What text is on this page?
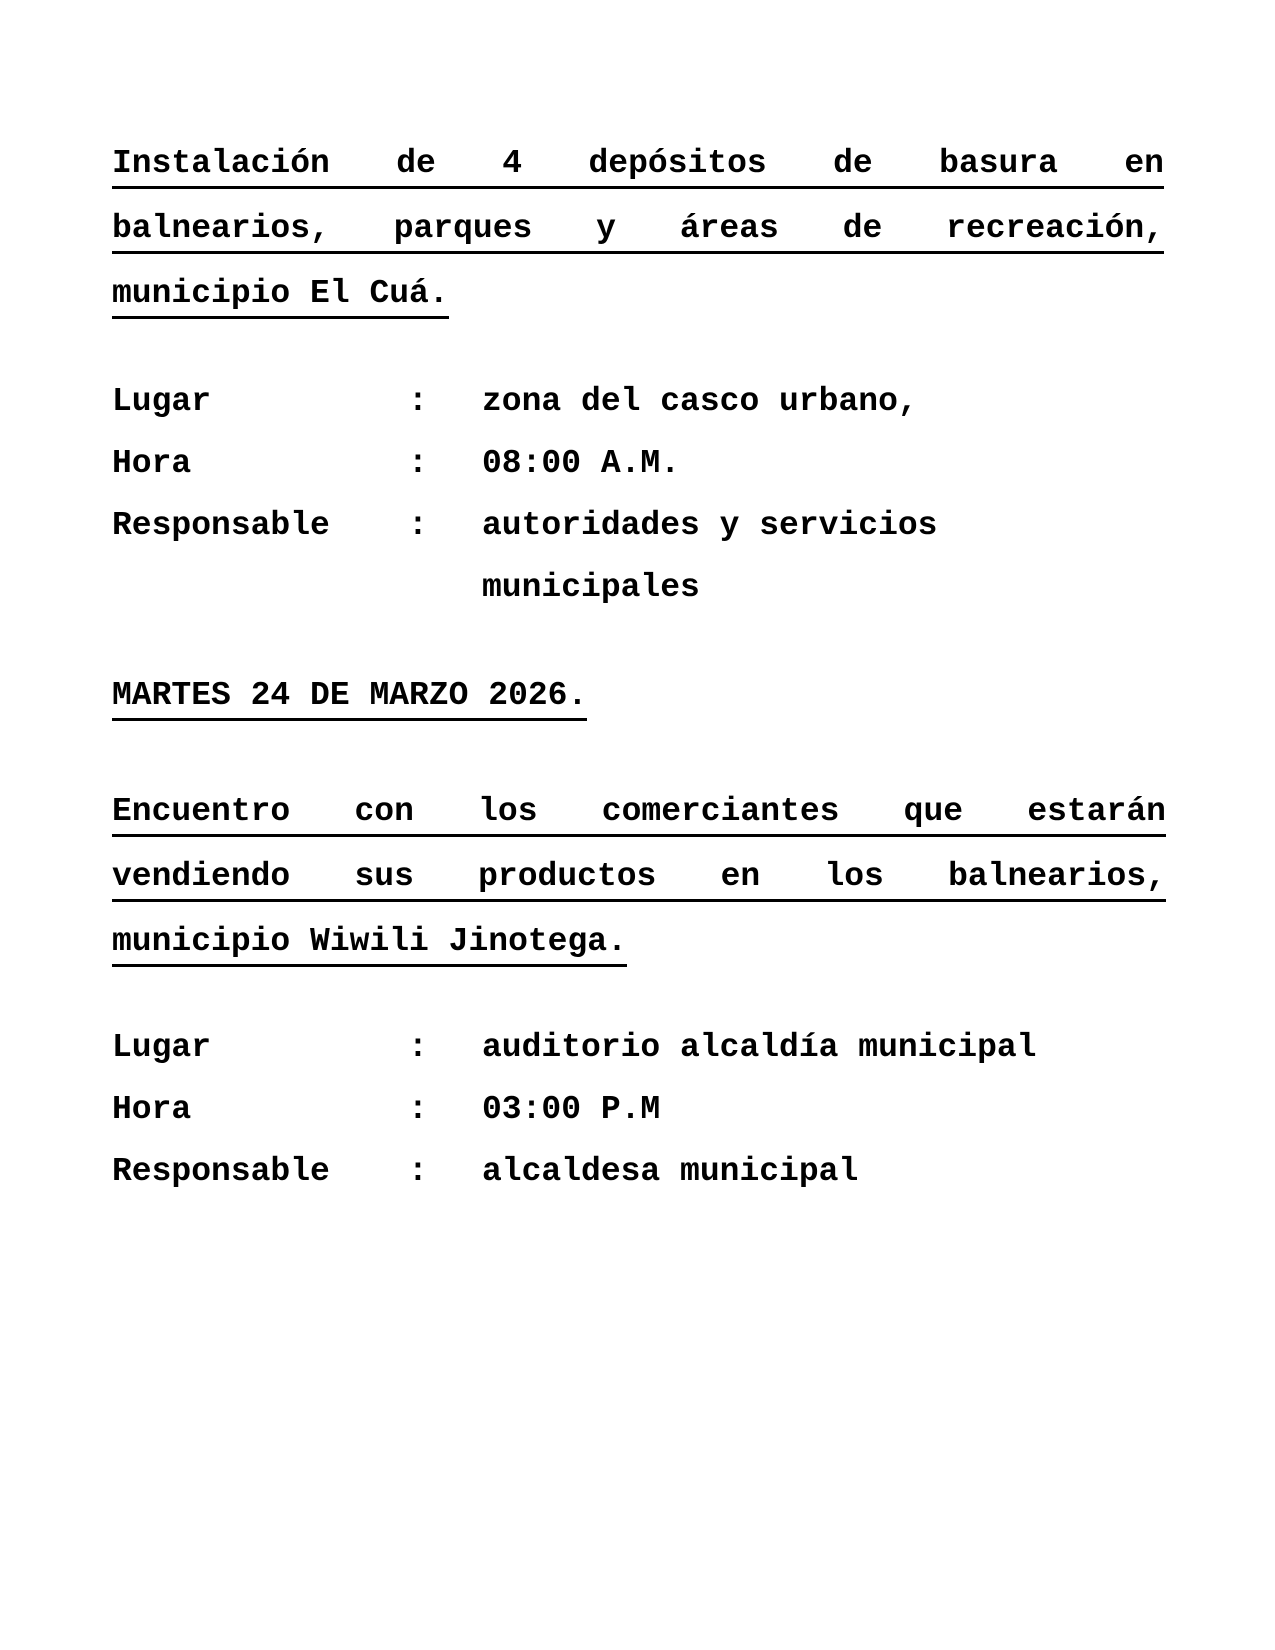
Instalación de 4 depósitos de basura en
balnearios, parques y áreas de recreación,
municipio El Cuá.
Lugar	: zona del casco urbano,
Hora	: 08:00 A.M.
Responsable : autoridades y servicios
municipales
MARTES 24 DE MARZO 2026.
Encuentro con los comerciantes que estarán
vendiendo sus productos en los balnearios,
municipio Wiwili Jinotega.
Lugar	: auditorio alcaldía municipal
Hora	: 03:00 P.M
Responsable : alcaldesa municipal
